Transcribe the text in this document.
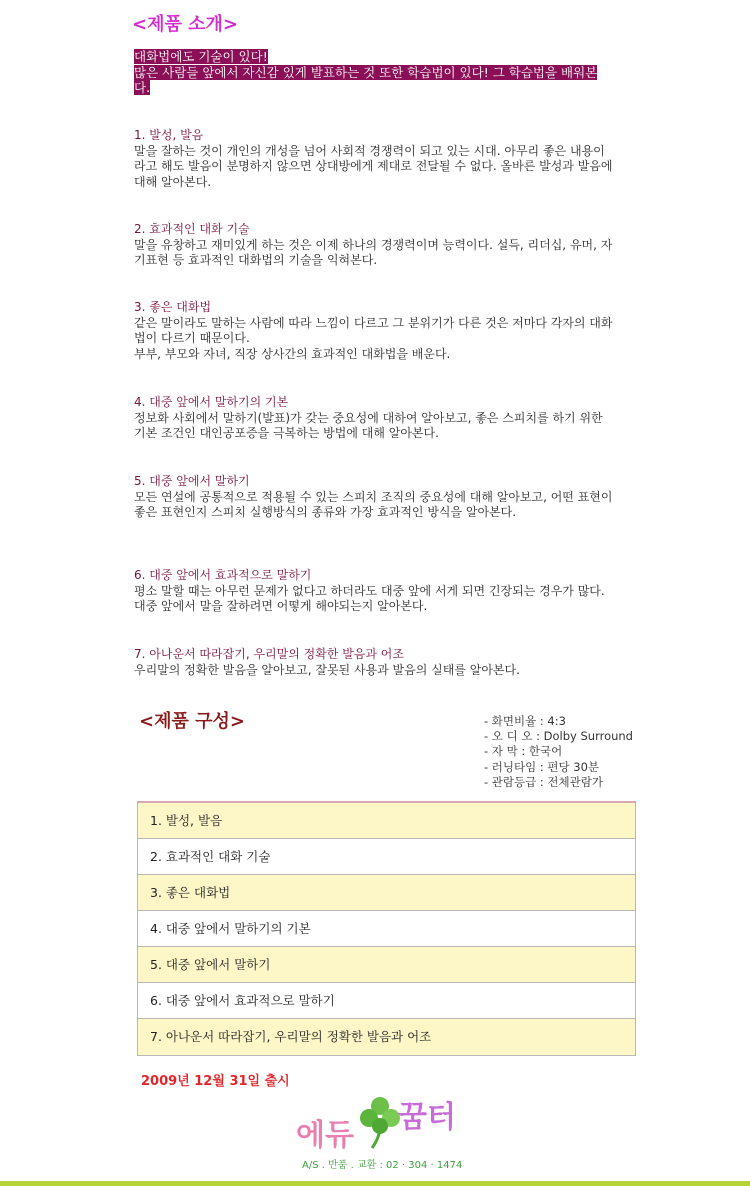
<제품 소개>
대화법에도 기술이 있다!
많은 사람들 앞에서 자신감 있게 발표하는 것 또한 학습법이 있다! 그 학습법을 배워본다.
1. 발성, 발음
말을 잘하는 것이 개인의 개성을 넘어 사회적 경쟁력이 되고 있는 시대. 아무리 좋은 내용이라고 해도 발음이 분명하지 않으면 상대방에게 제대로 전달될 수 없다. 올바른 발성과 발음에 대해 알아본다.
2. 효과적인 대화 기술
말을 유창하고 재미있게 하는 것은 이제 하나의 경쟁력이며 능력이다. 설득, 리더십, 유머, 자기표현 등 효과적인 대화법의 기술을 익혀본다.
3. 좋은 대화법
같은 말이라도 말하는 사람에 따라 느낌이 다르고 그 분위기가 다른 것은 저마다 각자의 대화법이 다르기 때문이다.
부부, 부모와 자녀, 직장 상사간의 효과적인 대화법을 배운다.
4. 대중 앞에서 말하기의 기본
정보화 사회에서 말하기(발표)가 갖는 중요성에 대하여 알아보고, 좋은 스피치를 하기 위한 기본 조건인 대인공포증을 극복하는 방법에 대해 알아본다.
5. 대중 앞에서 말하기
모든 연설에 공통적으로 적용될 수 있는 스피치 조직의 중요성에 대해 알아보고, 어떤 표현이 좋은 표현인지 스피치 실행방식의 종류와 가장 효과적인 방식을 알아본다.
6. 대중 앞에서 효과적으로 말하기
평소 말할 때는 아무런 문제가 없다고 하더라도 대중 앞에 서게 되면 긴장되는 경우가 많다. 대중 앞에서 말을 잘하려면 어떻게 해야되는지 알아본다.
7. 아나운서 따라잡기, 우리말의 정확한 발음과 어조
우리말의 정확한 발음을 알아보고, 잘못된 사용과 발음의 실태를 알아본다.
<제품 구성>	- 화면비율 : 4:3
- 오 디 오 : Dolby Surround
- 자 막 : 한국어
- 러닝타임 : 편당 30분
- 관람등급 : 전체관람가
1. 발성, 발음
2. 효과적인 대화 기술
3. 좋은 대화법
4. 대중 앞에서 말하기의 기본
5. 대중 앞에서 말하기
6. 대중 앞에서 효과적으로 말하기
7. 아나운서 따라잡기, 우리말의 정확한 발음과 어조
2009년 12월 31일 출시
에듀
꿈터
A/S . 반품 . 교환 : 02 · 304 · 1474
